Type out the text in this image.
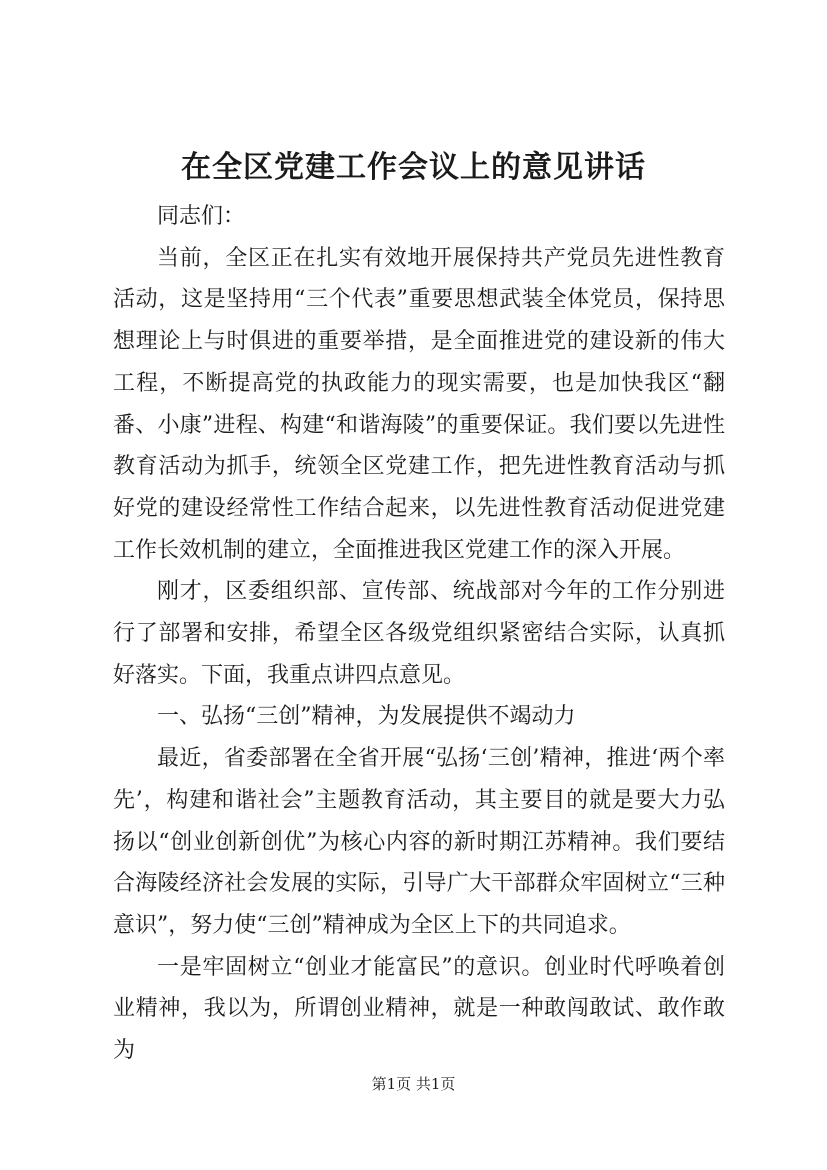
在全区党建工作会议上的意见讲话

同志们：

当前，全区正在扎实有效地开展保持共产党员先进性教育活动，这是坚持用“三个代表”重要思想武装全体党员，保持思想理论上与时俱进的重要举措，是全面推进党的建设新的伟大工程，不断提高党的执政能力的现实需要，也是加快我区“翻番、小康”进程、构建“和谐海陵”的重要保证。我们要以先进性教育活动为抓手，统领全区党建工作，把先进性教育活动与抓好党的建设经常性工作结合起来，以先进性教育活动促进党建工作长效机制的建立，全面推进我区党建工作的深入开展。

刚才，区委组织部、宣传部、统战部对今年的工作分别进行了部署和安排，希望全区各级党组织紧密结合实际，认真抓好落实。下面，我重点讲四点意见。

一、弘扬“三创”精神，为发展提供不竭动力

最近，省委部署在全省开展“弘扬‘三创’精神，推进‘两个率先’，构建和谐社会”主题教育活动，其主要目的就是要大力弘扬以“创业创新创优”为核心内容的新时期江苏精神。我们要结合海陵经济社会发展的实际，引导广大干部群众牢固树立“三种意识”，努力使“三创”精神成为全区上下的共同追求。

一是牢固树立“创业才能富民”的意识。创业时代呼唤着创业精神，我以为，所谓创业精神，就是一种敢闯敢试、敢作敢为

第1页 共1页
